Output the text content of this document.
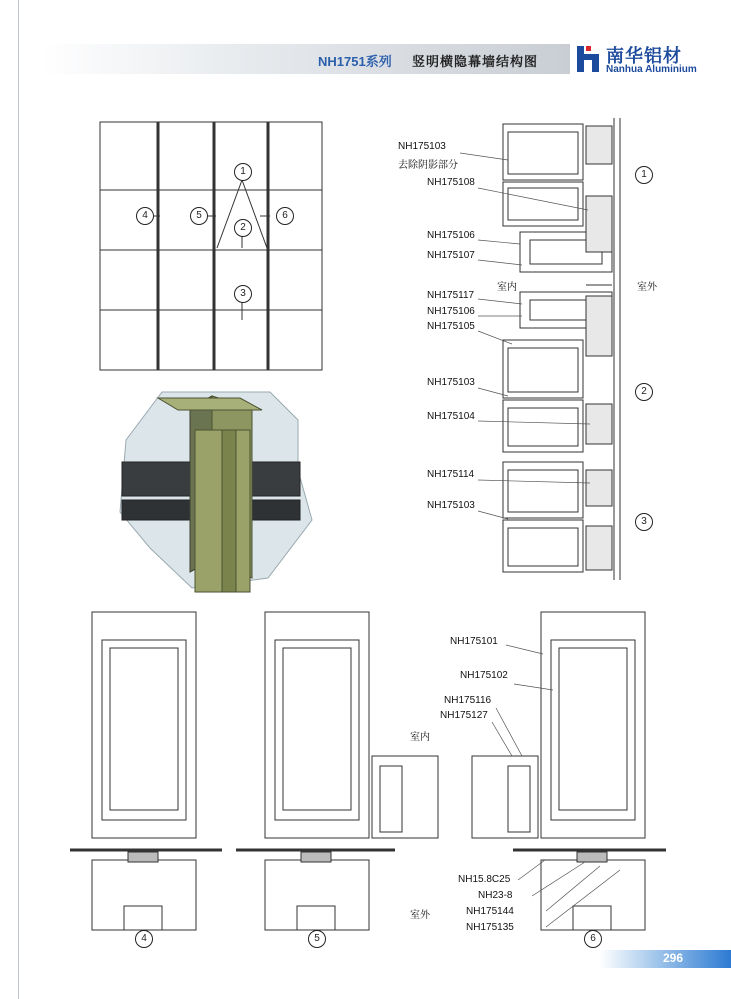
NH1751系列 竖明横隐幕墙结构图	南华铝材
Nanhua Aluminium
1
2
3
4	5	6
NH175103
去除阴影部分
NH175108
NH175106
NH175107
室内	室外
NH175117
NH175106
NH175105
NH175103
NH175104
NH175114
NH175103
1
2
3
NH175101
NH175102
NH175116
NH175127
室内
室外
NH15.8C25
NH23-8
NH175144
NH175135
4	5	6
296
